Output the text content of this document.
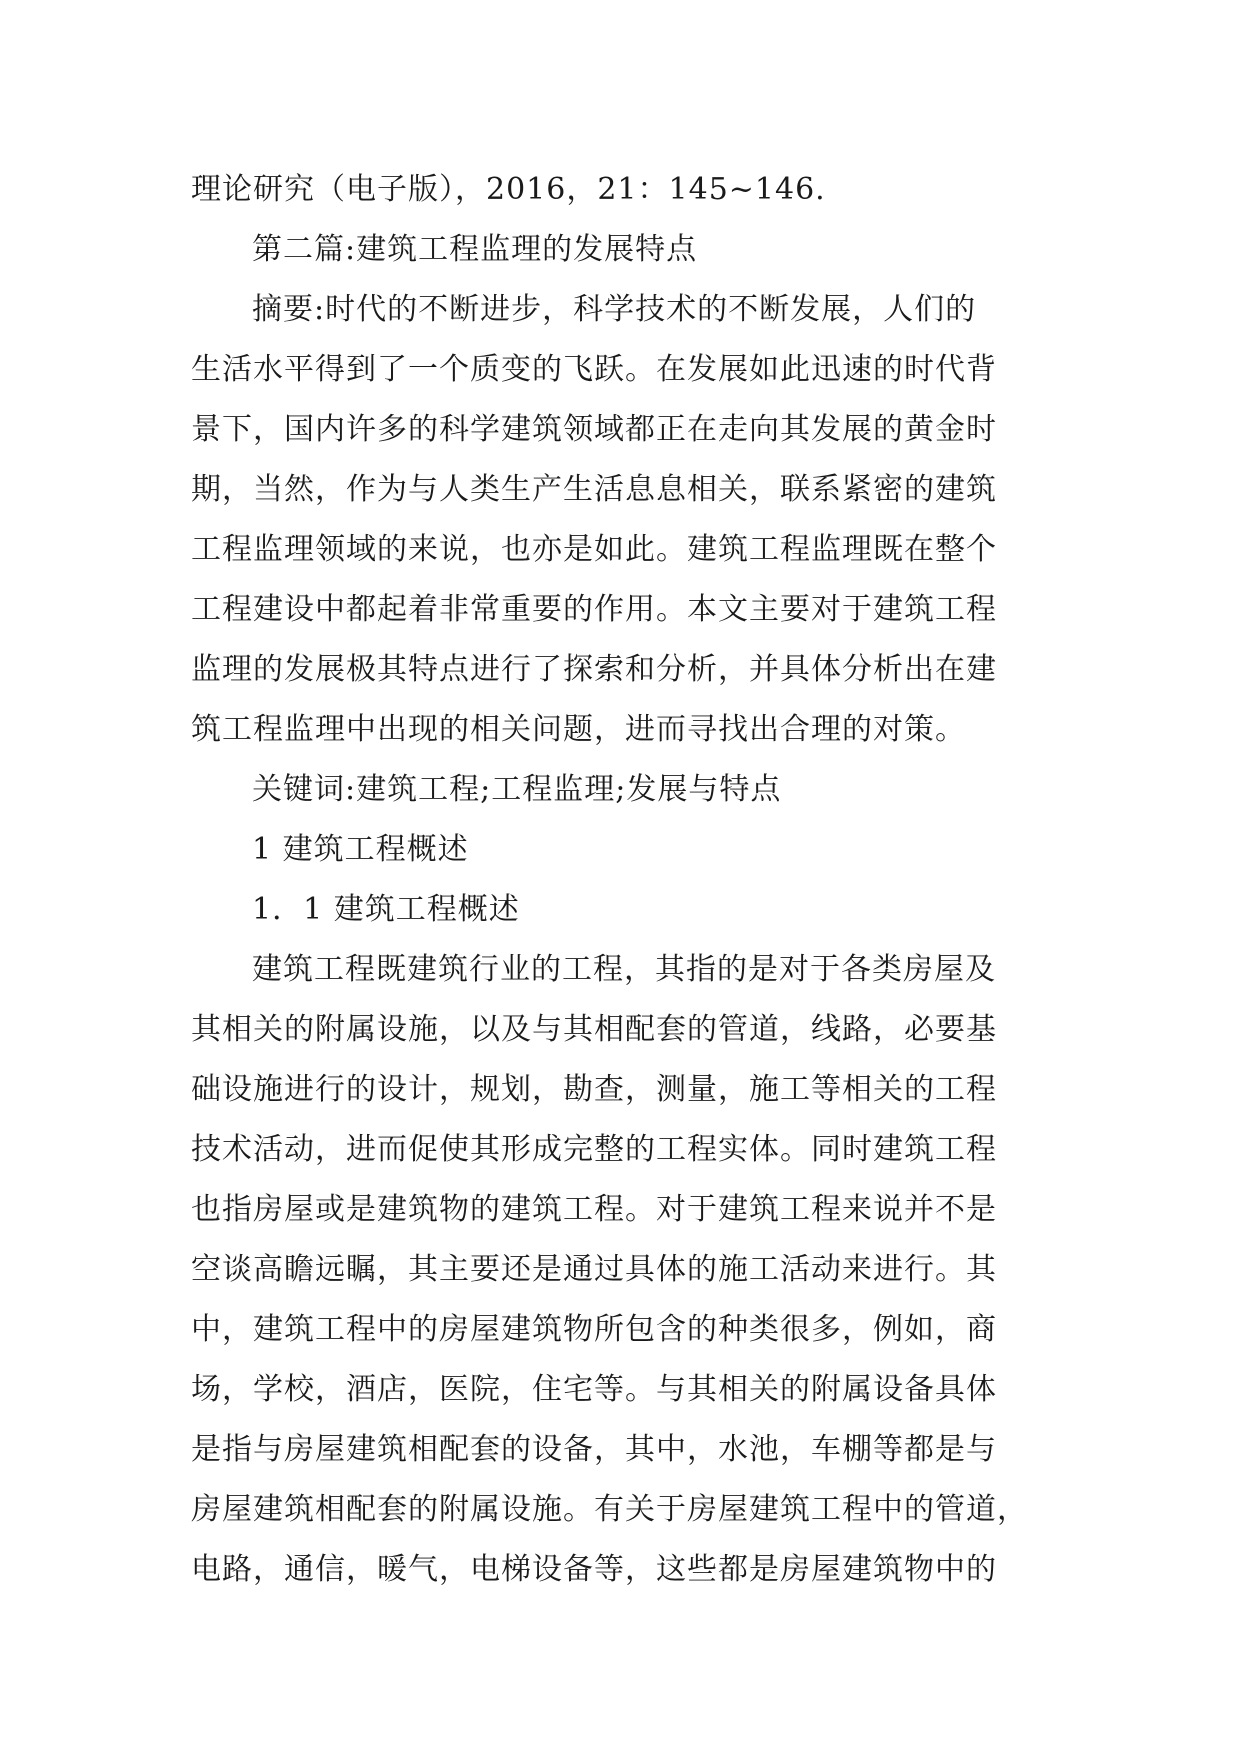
理论研究（电子版），2016，21：145~146.
第二篇:建筑工程监理的发展特点
摘要:时代的不断进步，科学技术的不断发展，人们的
生活水平得到了一个质变的飞跃。在发展如此迅速的时代背
景下，国内许多的科学建筑领域都正在走向其发展的黄金时
期，当然，作为与人类生产生活息息相关，联系紧密的建筑
工程监理领域的来说，也亦是如此。建筑工程监理既在整个
工程建设中都起着非常重要的作用。本文主要对于建筑工程
监理的发展极其特点进行了探索和分析，并具体分析出在建
筑工程监理中出现的相关问题，进而寻找出合理的对策。
关键词:建筑工程;工程监理;发展与特点
1 建筑工程概述
1．1 建筑工程概述
建筑工程既建筑行业的工程，其指的是对于各类房屋及
其相关的附属设施，以及与其相配套的管道，线路，必要基
础设施进行的设计，规划，勘查，测量，施工等相关的工程
技术活动，进而促使其形成完整的工程实体。同时建筑工程
也指房屋或是建筑物的建筑工程。对于建筑工程来说并不是
空谈高瞻远瞩，其主要还是通过具体的施工活动来进行。其
中，建筑工程中的房屋建筑物所包含的种类很多，例如，商
场，学校，酒店，医院，住宅等。与其相关的附属设备具体
是指与房屋建筑相配套的设备，其中，水池，车棚等都是与
房屋建筑相配套的附属设施。有关于房屋建筑工程中的管道，
电路，通信，暖气，电梯设备等，这些都是房屋建筑物中的
